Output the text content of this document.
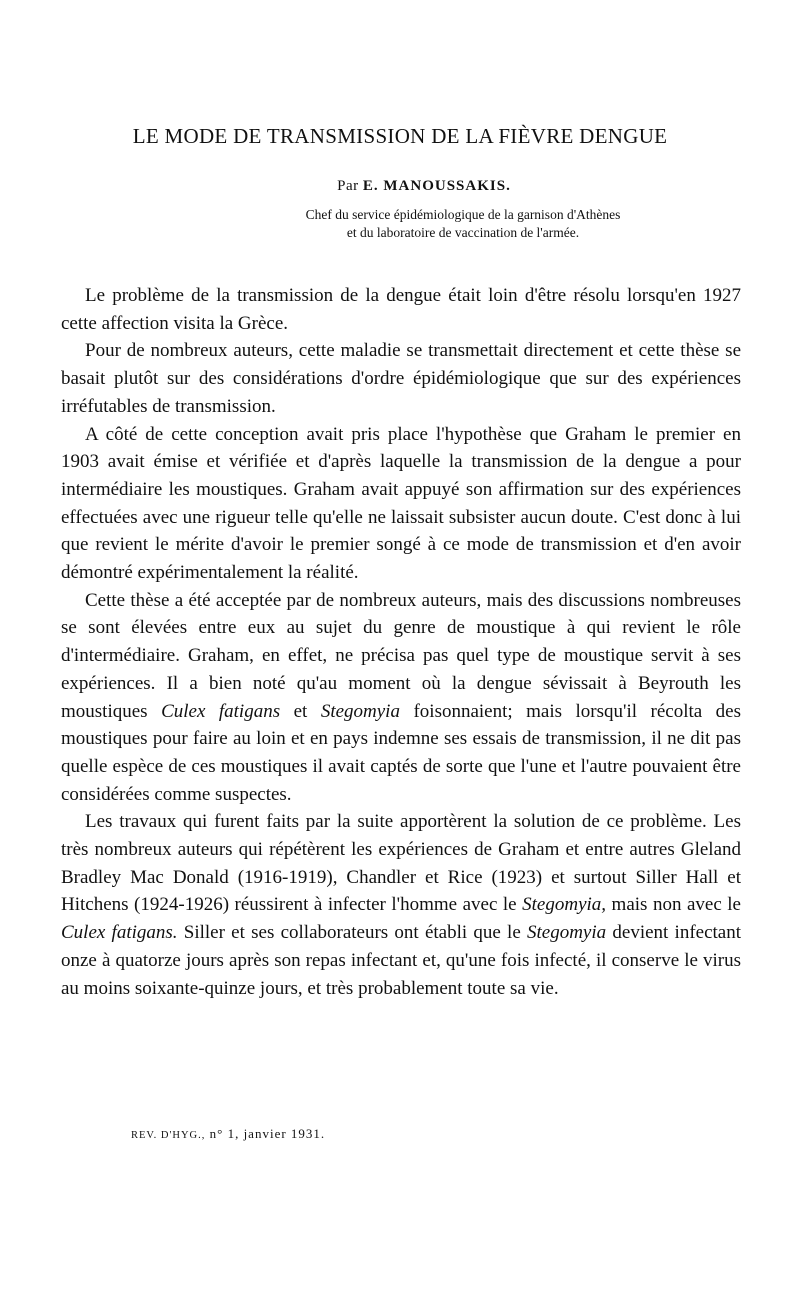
LE MODE DE TRANSMISSION DE LA FIÈVRE DENGUE
Par E. MANOUSSAKIS.
Chef du service épidémiologique de la garnison d'Athènes
et du laboratoire de vaccination de l'armée.

Le problème de la transmission de la dengue était loin d'être résolu lorsqu'en 1927 cette affection visita la Grèce.

Pour de nombreux auteurs, cette maladie se transmettait directement et cette thèse se basait plutôt sur des considérations d'ordre épidémiologique que sur des expériences irréfutables de transmission.

A côté de cette conception avait pris place l'hypothèse que Graham le premier en 1903 avait émise et vérifiée et d'après laquelle la transmission de la dengue a pour intermédiaire les moustiques. Graham avait appuyé son affirmation sur des expériences effectuées avec une rigueur telle qu'elle ne laissait subsister aucun doute. C'est donc à lui que revient le mérite d'avoir le premier songé à ce mode de transmission et d'en avoir démontré expérimentalement la réalité.

Cette thèse a été acceptée par de nombreux auteurs, mais des discussions nombreuses se sont élevées entre eux au sujet du genre de moustique à qui revient le rôle d'intermédiaire. Graham, en effet, ne précisa pas quel type de moustique servit à ses expériences. Il a bien noté qu'au moment où la dengue sévissait à Beyrouth les moustiques Culex fatigans et Stegomyia foisonnaient; mais lorsqu'il récolta des moustiques pour faire au loin et en pays indemne ses essais de transmission, il ne dit pas quelle espèce de ces moustiques il avait captés de sorte que l'une et l'autre pouvaient être considérées comme suspectes.

Les travaux qui furent faits par la suite apportèrent la solution de ce problème. Les très nombreux auteurs qui répétèrent les expériences de Graham et entre autres Gleland Bradley Mac Donald (1916-1919), Chandler et Rice (1923) et surtout Siller Hall et Hitchens (1924-1926) réussirent à infecter l'homme avec le Stegomyia, mais non avec le Culex fatigans. Siller et ses collaborateurs ont établi que le Stegomyia devient infectant onze à quatorze jours après son repas infectant et, qu'une fois infecté, il conserve le virus au moins soixante-quinze jours, et très probablement toute sa vie.

REV. D'HYG., n° 1, janvier 1931.
